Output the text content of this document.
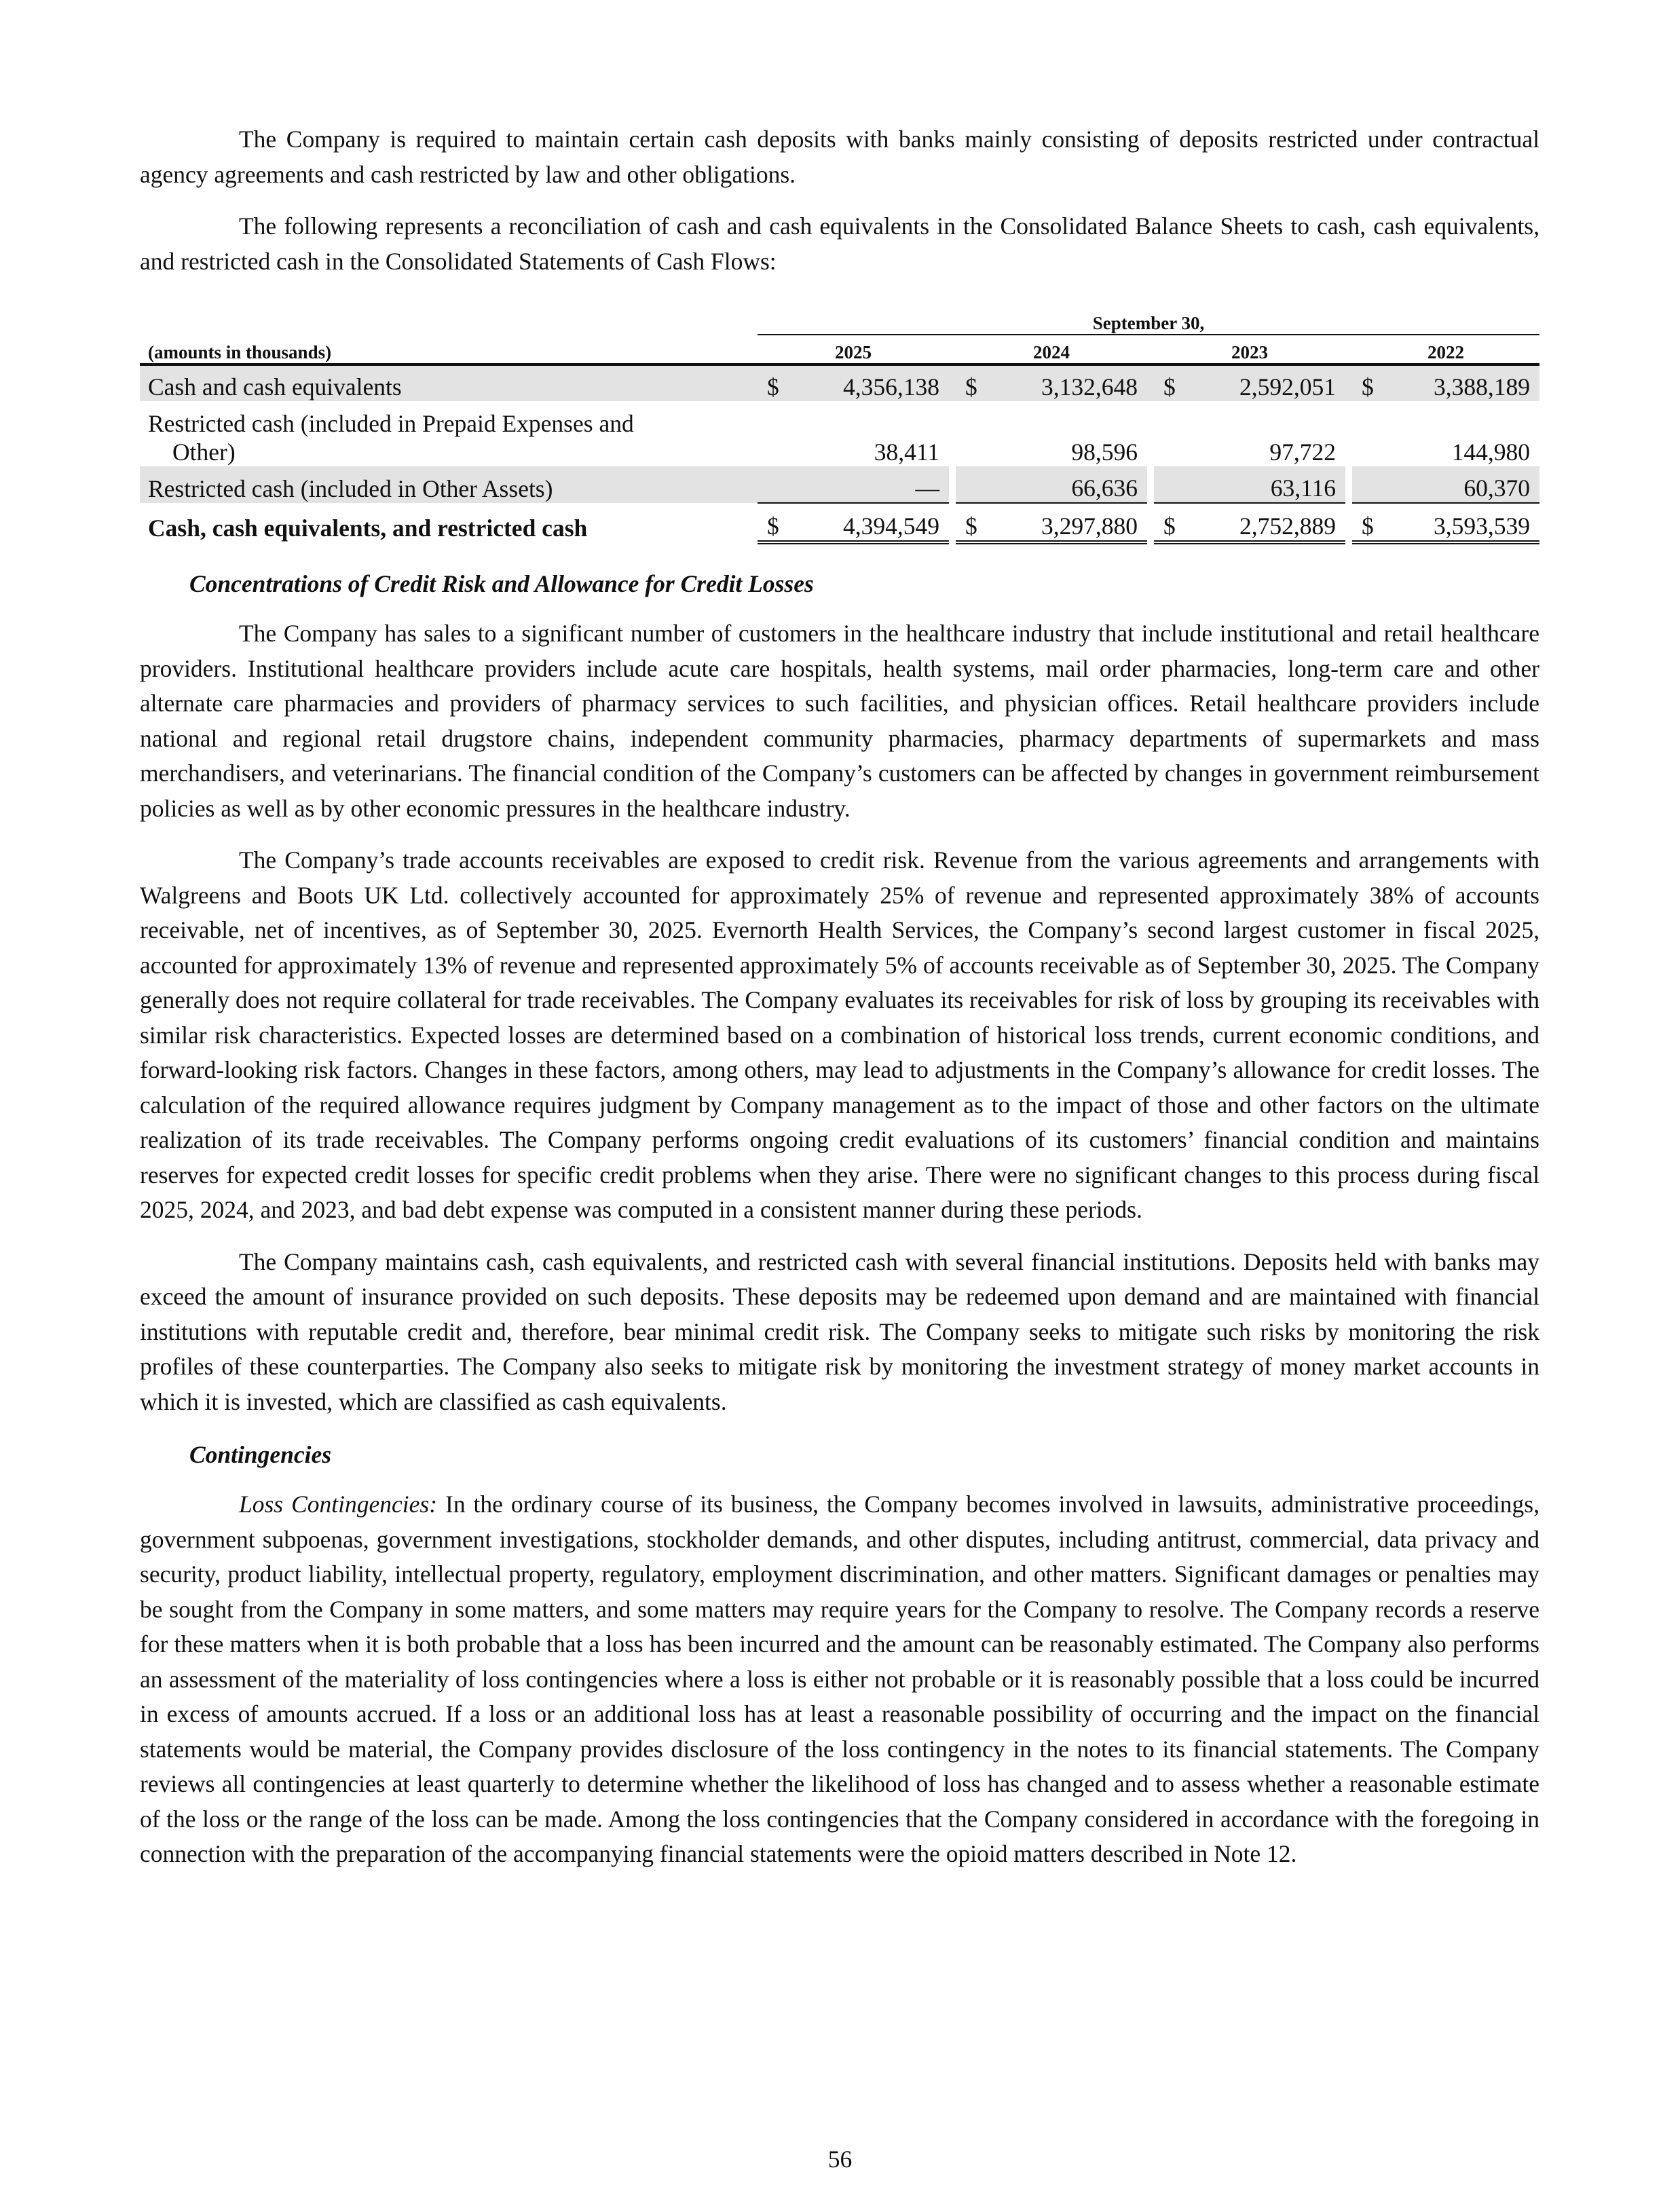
The Company is required to maintain certain cash deposits with banks mainly consisting of deposits restricted under contractual agency agreements and cash restricted by law and other obligations.

The following represents a reconciliation of cash and cash equivalents in the Consolidated Balance Sheets to cash, cash equivalents, and restricted cash in the Consolidated Statements of Cash Flows:

	September 30,										
(amounts in thousands)	2025			2024			2023			2022	
Cash and cash equivalents	$	4,356,138		$	3,132,648		$	2,592,051		$	3,388,189

Restricted cash (included in Prepaid Expenses and
Other)		38,411			98,596			97,722			144,980
Restricted cash (included in Other Assets)		—			66,636			63,116			60,370
Cash, cash equivalents, and restricted cash	$	4,394,549		$	3,297,880		$	2,752,889		$	3,593,539
Concentrations of Credit Risk and Allowance for Credit Losses

The Company has sales to a significant number of customers in the healthcare industry that include institutional and retail healthcare providers. Institutional healthcare providers include acute care hospitals, health systems, mail order pharmacies, long-term care and other alternate care pharmacies and providers of pharmacy services to such facilities, and physician offices. Retail healthcare providers include national and regional retail drugstore chains, independent community pharmacies, pharmacy departments of supermarkets and mass merchandisers, and veterinarians. The financial condition of the Company’s customers can be affected by changes in government reimbursement policies as well as by other economic pressures in the healthcare industry.

The Company’s trade accounts receivables are exposed to credit risk. Revenue from the various agreements and arrangements with Walgreens and Boots UK Ltd. collectively accounted for approximately 25% of revenue and represented approximately 38% of accounts receivable, net of incentives, as of September 30, 2025. Evernorth Health Services, the Company’s second largest customer in fiscal 2025, accounted for approximately 13% of revenue and represented approximately 5% of accounts receivable as of September 30, 2025. The Company generally does not require collateral for trade receivables. The Company evaluates its receivables for risk of loss by grouping its receivables with similar risk characteristics. Expected losses are determined based on a combination of historical loss trends, current economic conditions, and forward-looking risk factors. Changes in these factors, among others, may lead to adjustments in the Company’s allowance for credit losses. The calculation of the required allowance requires judgment by Company management as to the impact of those and other factors on the ultimate realization of its trade receivables. The Company performs ongoing credit evaluations of its customers’ financial condition and maintains reserves for expected credit losses for specific credit problems when they arise. There were no significant changes to this process during fiscal 2025, 2024, and 2023, and bad debt expense was computed in a consistent manner during these periods.

The Company maintains cash, cash equivalents, and restricted cash with several financial institutions. Deposits held with banks may exceed the amount of insurance provided on such deposits. These deposits may be redeemed upon demand and are maintained with financial institutions with reputable credit and, therefore, bear minimal credit risk. The Company seeks to mitigate such risks by monitoring the risk profiles of these counterparties. The Company also seeks to mitigate risk by monitoring the investment strategy of money market accounts in which it is invested, which are classified as cash equivalents.

Contingencies

Loss Contingencies: In the ordinary course of its business, the Company becomes involved in lawsuits, administrative proceedings, government subpoenas, government investigations, stockholder demands, and other disputes, including antitrust, commercial, data privacy and security, product liability, intellectual property, regulatory, employment discrimination, and other matters. Significant damages or penalties may be sought from the Company in some matters, and some matters may require years for the Company to resolve. The Company records a reserve for these matters when it is both probable that a loss has been incurred and the amount can be reasonably estimated. The Company also performs an assessment of the materiality of loss contingencies where a loss is either not probable or it is reasonably possible that a loss could be incurred in excess of amounts accrued. If a loss or an additional loss has at least a reasonable possibility of occurring and the impact on the financial statements would be material, the Company provides disclosure of the loss contingency in the notes to its financial statements. The Company reviews all contingencies at least quarterly to determine whether the likelihood of loss has changed and to assess whether a reasonable estimate of the loss or the range of the loss can be made. Among the loss contingencies that the Company considered in accordance with the foregoing in connection with the preparation of the accompanying financial statements were the opioid matters described in Note 12.

56
